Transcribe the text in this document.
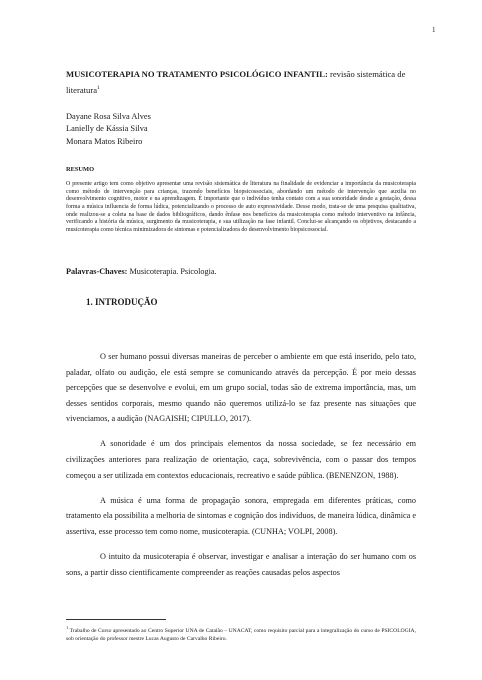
1
MUSICOTERAPIA NO TRATAMENTO PSICOLÓGICO INFANTIL: revisão sistemática de literatura$^1$
Dayane Rosa Silva Alves
Lanielly de Kássia Silva
Monara Matos Ribeiro
RESUMO
O presente artigo tem como objetivo apresentar uma revisão sistemática de literatura na finalidade de evidenciar a importância da musicoterapia como método de intervenção para crianças, trazendo benefícios biopsicossociais, abordando um método de intervenção que auxilia no desenvolvimento cognitivo, motor e na aprendizagem. É importante que o indivíduo tenha contato com a sua sonoridade desde a gestação, dessa forma a música influencia de forma lúdica, potencializando o processo de auto expressividade. Desse modo, trata-se de uma pesquisa qualitativa, onde realizou-se a coleta na base de dados bibliográficos, dando ênfase nos benefícios da musicoterapia como método interventivo na infância, verificando a história da música, surgimento da musicoterapia, e sua utilização na fase infantil. Conclui-se alcançando os objetivos, destacando a musicoterapia como técnica minimizadora de sintomas e potencializadora do desenvolvimento biopsicossocial.
Palavras-Chaves: Musicoterapia. Psicologia.
1. INTRODUÇÃO

O ser humano possui diversas maneiras de perceber o ambiente em que está inserido, pelo tato, paladar, olfato ou audição, ele está sempre se comunicando através da percepção. É por meio dessas percepções que se desenvolve e evolui, em um grupo social, todas são de extrema importância, mas, um desses sentidos corporais, mesmo quando não queremos utilizá-lo se faz presente nas situações que vivenciamos, a audição (NAGAISHI; CIPULLO, 2017).

A sonoridade é um dos principais elementos da nossa sociedade, se fez necessário em civilizações anteriores para realização de orientação, caça, sobrevivência, com o passar dos tempos começou a ser utilizada em contextos educacionais, recreativo e saúde pública. (BENENZON, 1988).

A música é uma forma de propagação sonora, empregada em diferentes práticas, como tratamento ela possibilita a melhoria de sintomas e cognição dos indivíduos, de maneira lúdica, dinâmica e assertiva, esse processo tem como nome, musicoterapia. (CUNHA; VOLPI, 2008).

O intuito da musicoterapia é observar, investigar e analisar a interação do ser humano com os sons, a partir disso cientificamente compreender as reações causadas pelos aspectos

$^1$ Trabalho de Curso apresentado ao Centro Superior UNA de Catalão – UNACAT, como requisito parcial para a integralização do curso de PSICOLOGIA, sob orientação do professor mestre Lucas Augusto de Carvalho Ribeiro.
